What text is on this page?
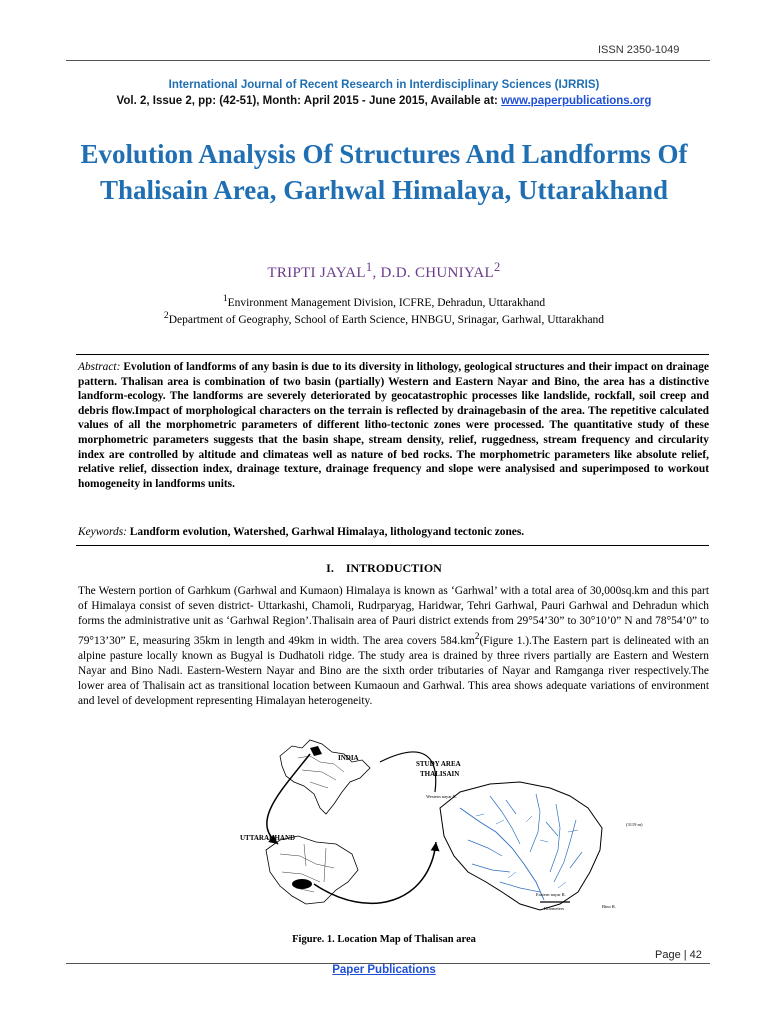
ISSN 2350-1049
International Journal of Recent Research in Interdisciplinary Sciences (IJRRIS)
Vol. 2, Issue 2, pp: (42-51), Month: April 2015 - June 2015, Available at: www.paperpublications.org
Evolution Analysis Of Structures And Landforms Of Thalisain Area, Garhwal Himalaya, Uttarakhand
TRIPTI JAYAL$^1$, D.D. CHUNIYAL$^2$
$^1$Environment Management Division, ICFRE, Dehradun, Uttarakhand
$^2$Department of Geography, School of Earth Science, HNBGU, Srinagar, Garhwal, Uttarakhand
Abstract: Evolution of landforms of any basin is due to its diversity in lithology, geological structures and their impact on drainage pattern. Thalisan area is combination of two basin (partially) Western and Eastern Nayar and Bino, the area has a distinctive landform-ecology. The landforms are severely deteriorated by geocatastrophic processes like landslide, rockfall, soil creep and debris flow.Impact of morphological characters on the terrain is reflected by drainagebasin of the area. The repetitive calculated values of all the morphometric parameters of different litho-tectonic zones were processed. The quantitative study of these morphometric parameters suggests that the basin shape, stream density, relief, ruggedness, stream frequency and circularity index are controlled by altitude and climateas well as nature of bed rocks. The morphometric parameters like absolute relief, relative relief, dissection index, drainage texture, drainage frequency and slope were analysised and superimposed to workout homogeneity in landforms units.
Keywords: Landform evolution, Watershed, Garhwal Himalaya, lithologyand tectonic zones.
I. INTRODUCTION
The Western portion of Garhkum (Garhwal and Kumaon) Himalaya is known as ‘Garhwal’ with a total area of 30,000sq.km and this part of Himalaya consist of seven district- Uttarkashi, Chamoli, Rudrparyag, Haridwar, Tehri Garhwal, Pauri Garhwal and Dehradun which forms the administrative unit as ‘Garhwal Region’.Thalisain area of Pauri district extends from 29°54’30” to 30°10’0” N and 78°54’0” to 79°13’30” E, measuring 35km in length and 49km in width. The area covers $584.km^2(Figure$ 1.).The Eastern part is delineated with an alpine pasture locally known as Bugyal is Dudhatoli ridge. The study area is drained by three rivers partially are Eastern and Western Nayar and Bino Nadi. Eastern-Western Nayar and Bino are the sixth order tributaries of Nayar and Ramganga river respectively.The lower area of Thalisain act as transitional location between Kumaoun and Garhwal. This area shows adequate variations of environment and level of development representing Himalayan heterogeneity.
INDIA
UTTARAKHAND
STUDY AREA
THALISAIN
Western nayar R.
Eastern nayar R.
Bino R.
(3119 m)
Kilometers
Figure. 1. Location Map of Thalisan area
Page | 42
Paper Publications
